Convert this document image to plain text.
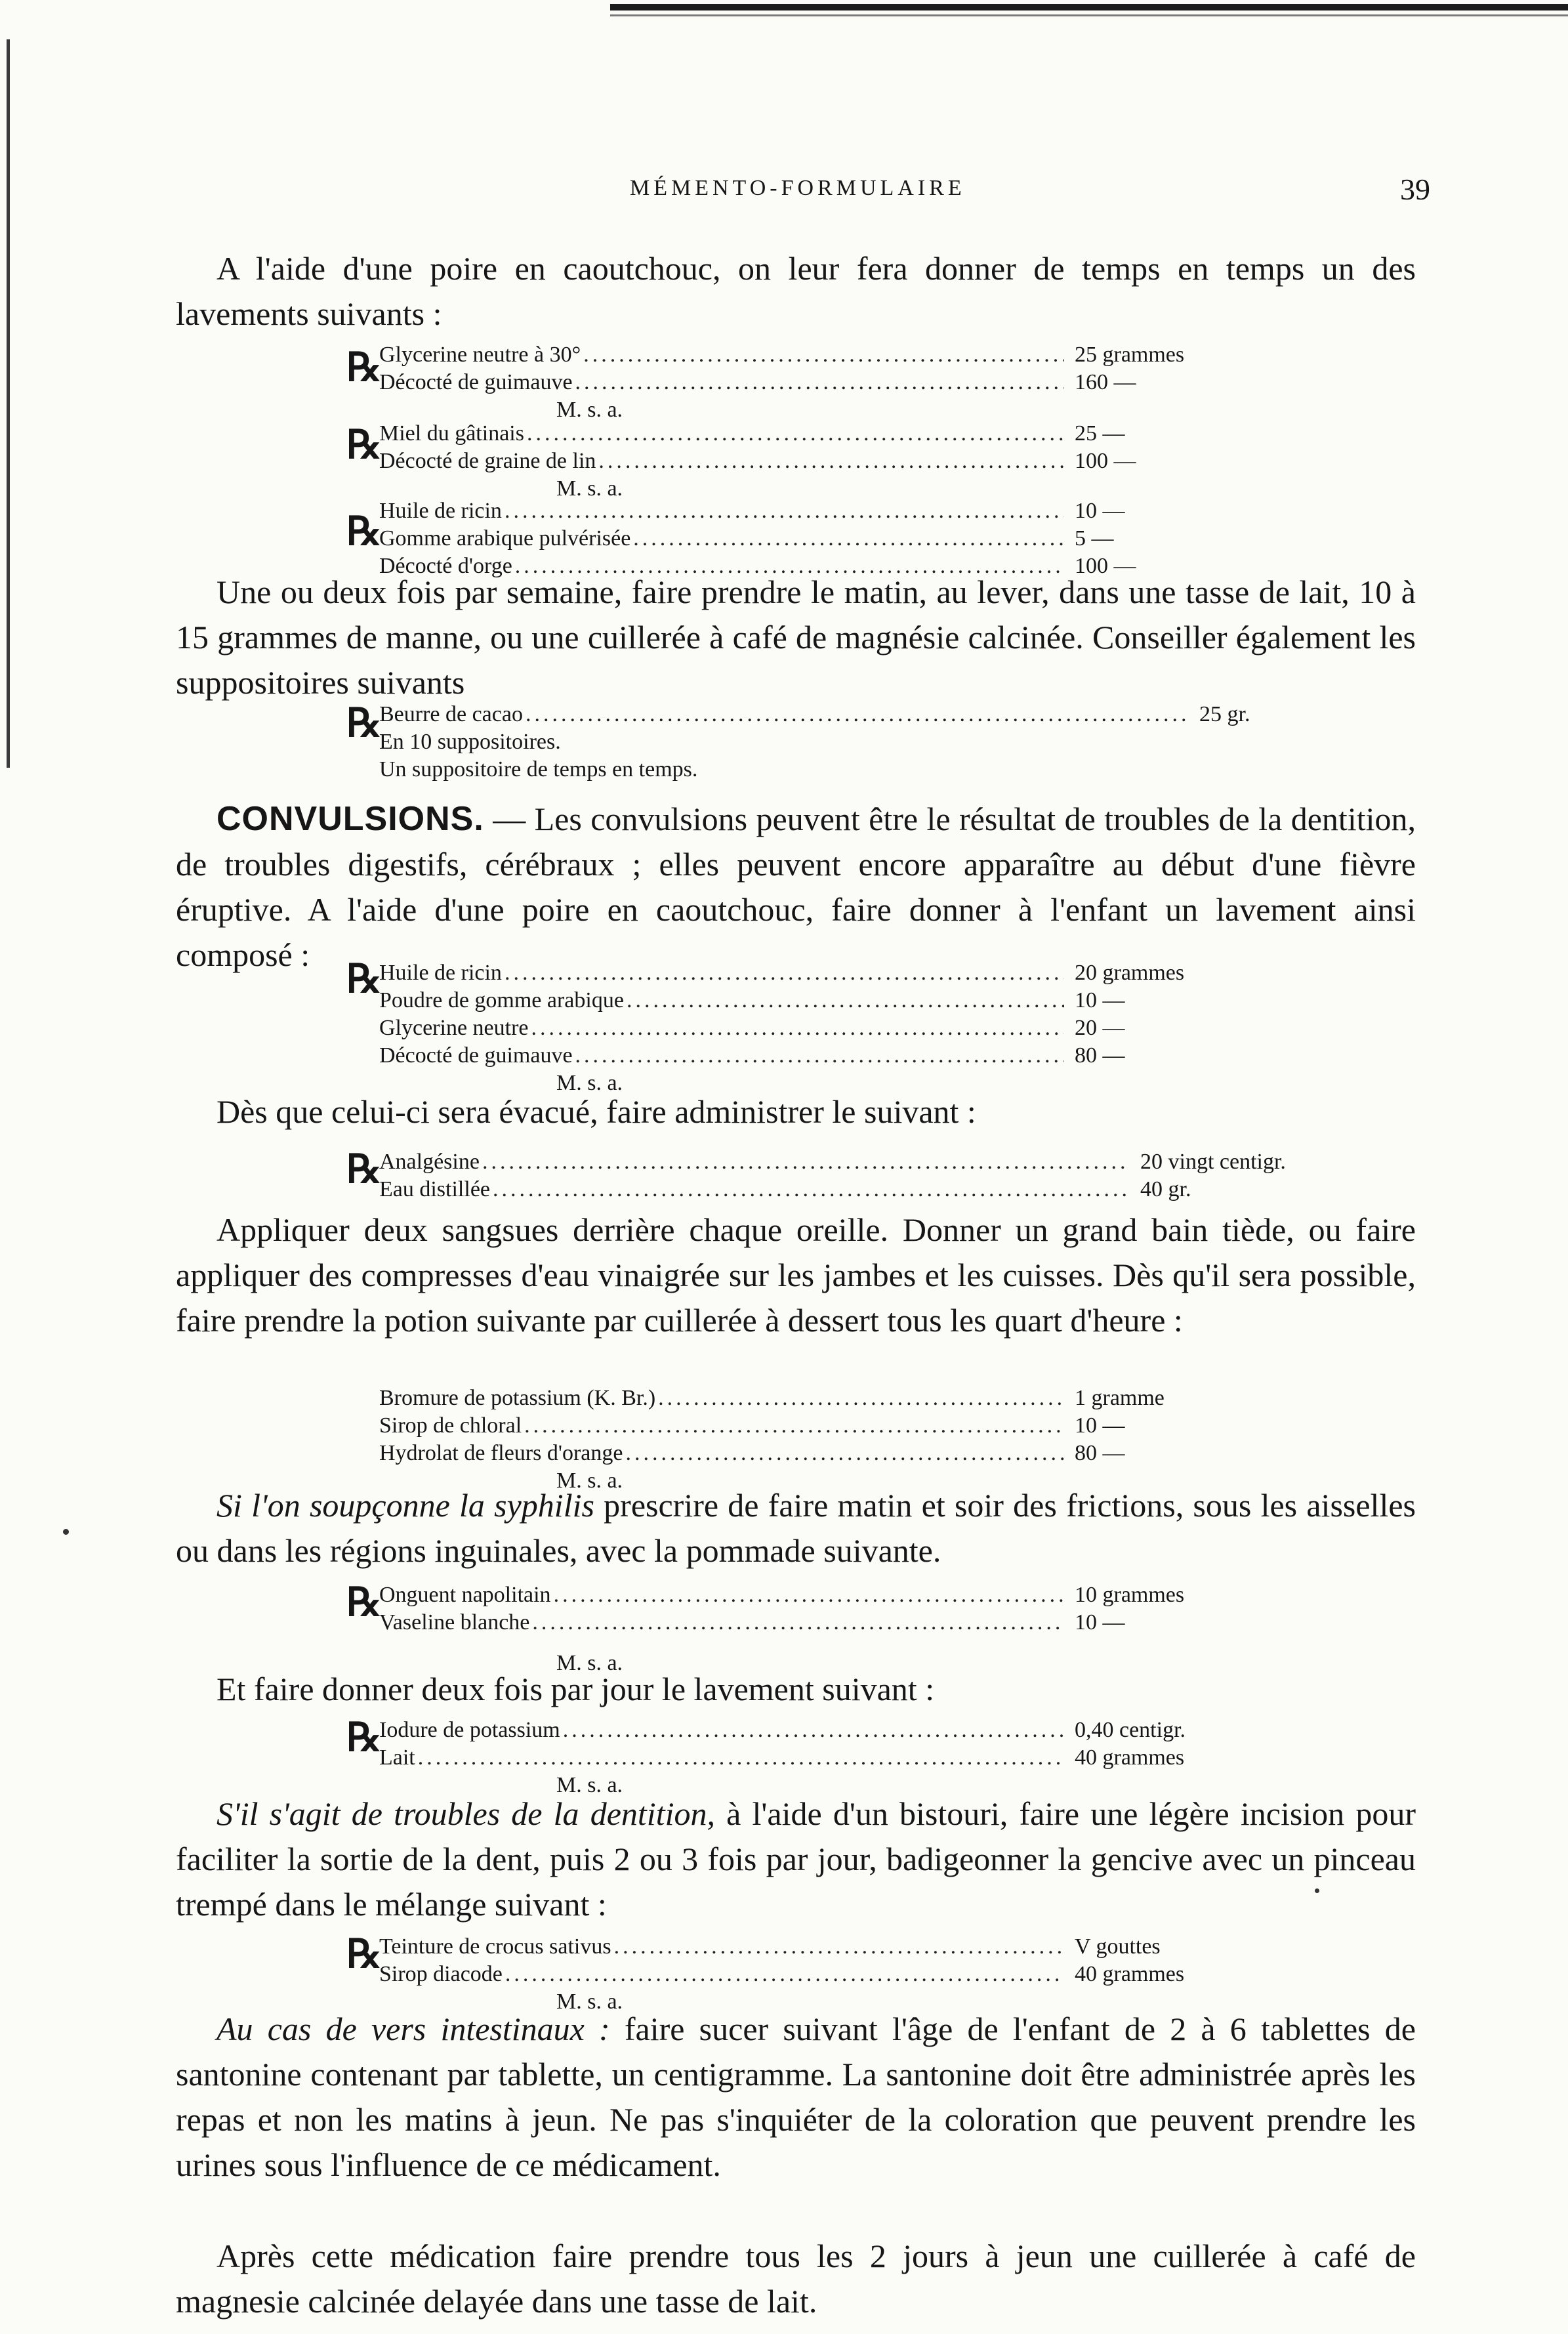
MÉMENTO-FORMULAIRE	39

A l'aide d'une poire en caoutchouc, on leur fera donner de temps en temps un des lavements suivants :

℞
Glycerine neutre à 30° .....	25 grammes
Décocté de guimauve .....	160 —
M. s. a.
℞
Miel du gâtinais .....	25 —
Décocté de graine de lin .....	100 —
M. s. a.
℞
Huile de ricin .....	10 —
Gomme arabique pulvérisée .....	5 —
Décocté d'orge .....	100 —

Une ou deux fois par semaine, faire prendre le matin, au lever, dans une tasse de lait, 10 à 15 grammes de manne, ou une cuillerée à café de magnésie calcinée. Conseiller également les suppositoires suivants

℞
Beurre de cacao .....	25 gr.
En 10 suppositoires.
Un suppositoire de temps en temps.

CONVULSIONS. — Les convulsions peuvent être le résultat de troubles de la dentition, de troubles digestifs, cérébraux ; elles peuvent encore apparaître au début d'une fièvre éruptive. A l'aide d'une poire en caoutchouc, faire donner à l'enfant un lavement ainsi composé :

℞
Huile de ricin .....	20 grammes
Poudre de gomme arabique .....	10 —
Glycerine neutre .....	20 —
Décocté de guimauve .....	80 —
M. s. a.

Dès que celui-ci sera évacué, faire administrer le suivant :

℞
Analgésine .....	20 vingt centigr.
Eau distillée .....	40 gr.

Appliquer deux sangsues derrière chaque oreille. Donner un grand bain tiède, ou faire appliquer des compresses d'eau vinaigrée sur les jambes et les cuisses. Dès qu'il sera possible, faire prendre la potion suivante par cuillerée à dessert tous les quart d'heure :

Bromure de potassium (K. Br.) .....	1 gramme
Sirop de chloral .....	10 —
Hydrolat de fleurs d'orange .....	80 —
M. s. a.

Si l'on soupçonne la syphilis prescrire de faire matin et soir des frictions, sous les aisselles ou dans les régions inguinales, avec la pommade suivante.

℞
Onguent napolitain .....	10 grammes
Vaseline blanche .....	10 —
M. s. a.

Et faire donner deux fois par jour le lavement suivant :

℞
Iodure de potassium .....	0,40 centigr.
Lait .....	40 grammes
M. s. a.

S'il s'agit de troubles de la dentition, à l'aide d'un bistouri, faire une légère incision pour faciliter la sortie de la dent, puis 2 ou 3 fois par jour, badigeonner la gencive avec un pinceau trempé dans le mélange suivant :

℞
Teinture de crocus sativus .....	V gouttes
Sirop diacode .....	40 grammes
M. s. a.

Au cas de vers intestinaux : faire sucer suivant l'âge de l'enfant de 2 à 6 tablettes de santonine contenant par tablette, un centigramme. La santonine doit être administrée après les repas et non les matins à jeun. Ne pas s'inquiéter de la coloration que peuvent prendre les urines sous l'influence de ce médicament.

Après cette médication faire prendre tous les 2 jours à jeun une cuillerée à café de magnesie calcinée delayée dans une tasse de lait.
